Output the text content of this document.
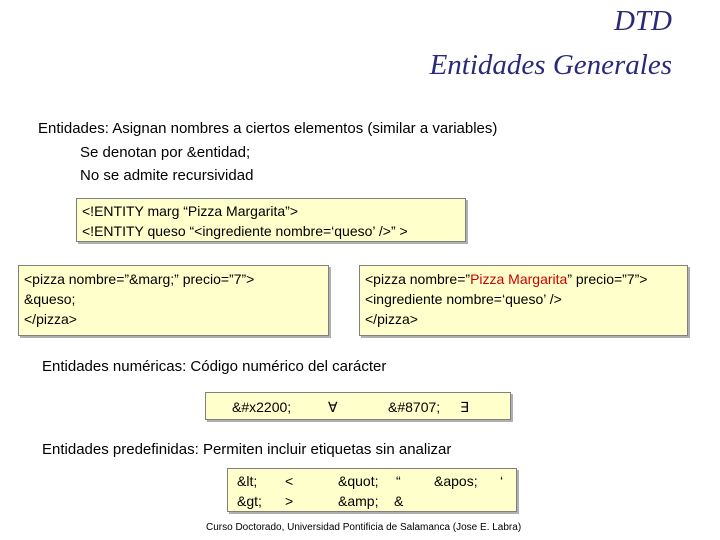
DTD
Entidades Generales
Entidades: Asignan nombres a ciertos elementos (similar a variables)
Se denotan por &entidad;
No se admite recursividad
<!ENTITY marg “Pizza Margarita”>
<!ENTITY queso “<ingrediente nombre=‘queso’ />” >
<pizza nombre=”&marg;” precio=”7”>
&queso;
</pizza>
<pizza nombre=”Pizza Margarita” precio=”7”>
<ingrediente nombre=‘queso’ />
</pizza>
Entidades numéricas: Código numérico del carácter
&#x2200;	∀	&#8707; ∃
Entidades predefinidas: Permiten incluir etiquetas sin analizar
&lt; <
&gt; >
&quot; “
&amp; &
&apos; ‘
Curso Doctorado, Universidad Pontificia de Salamanca (Jose E. Labra)
